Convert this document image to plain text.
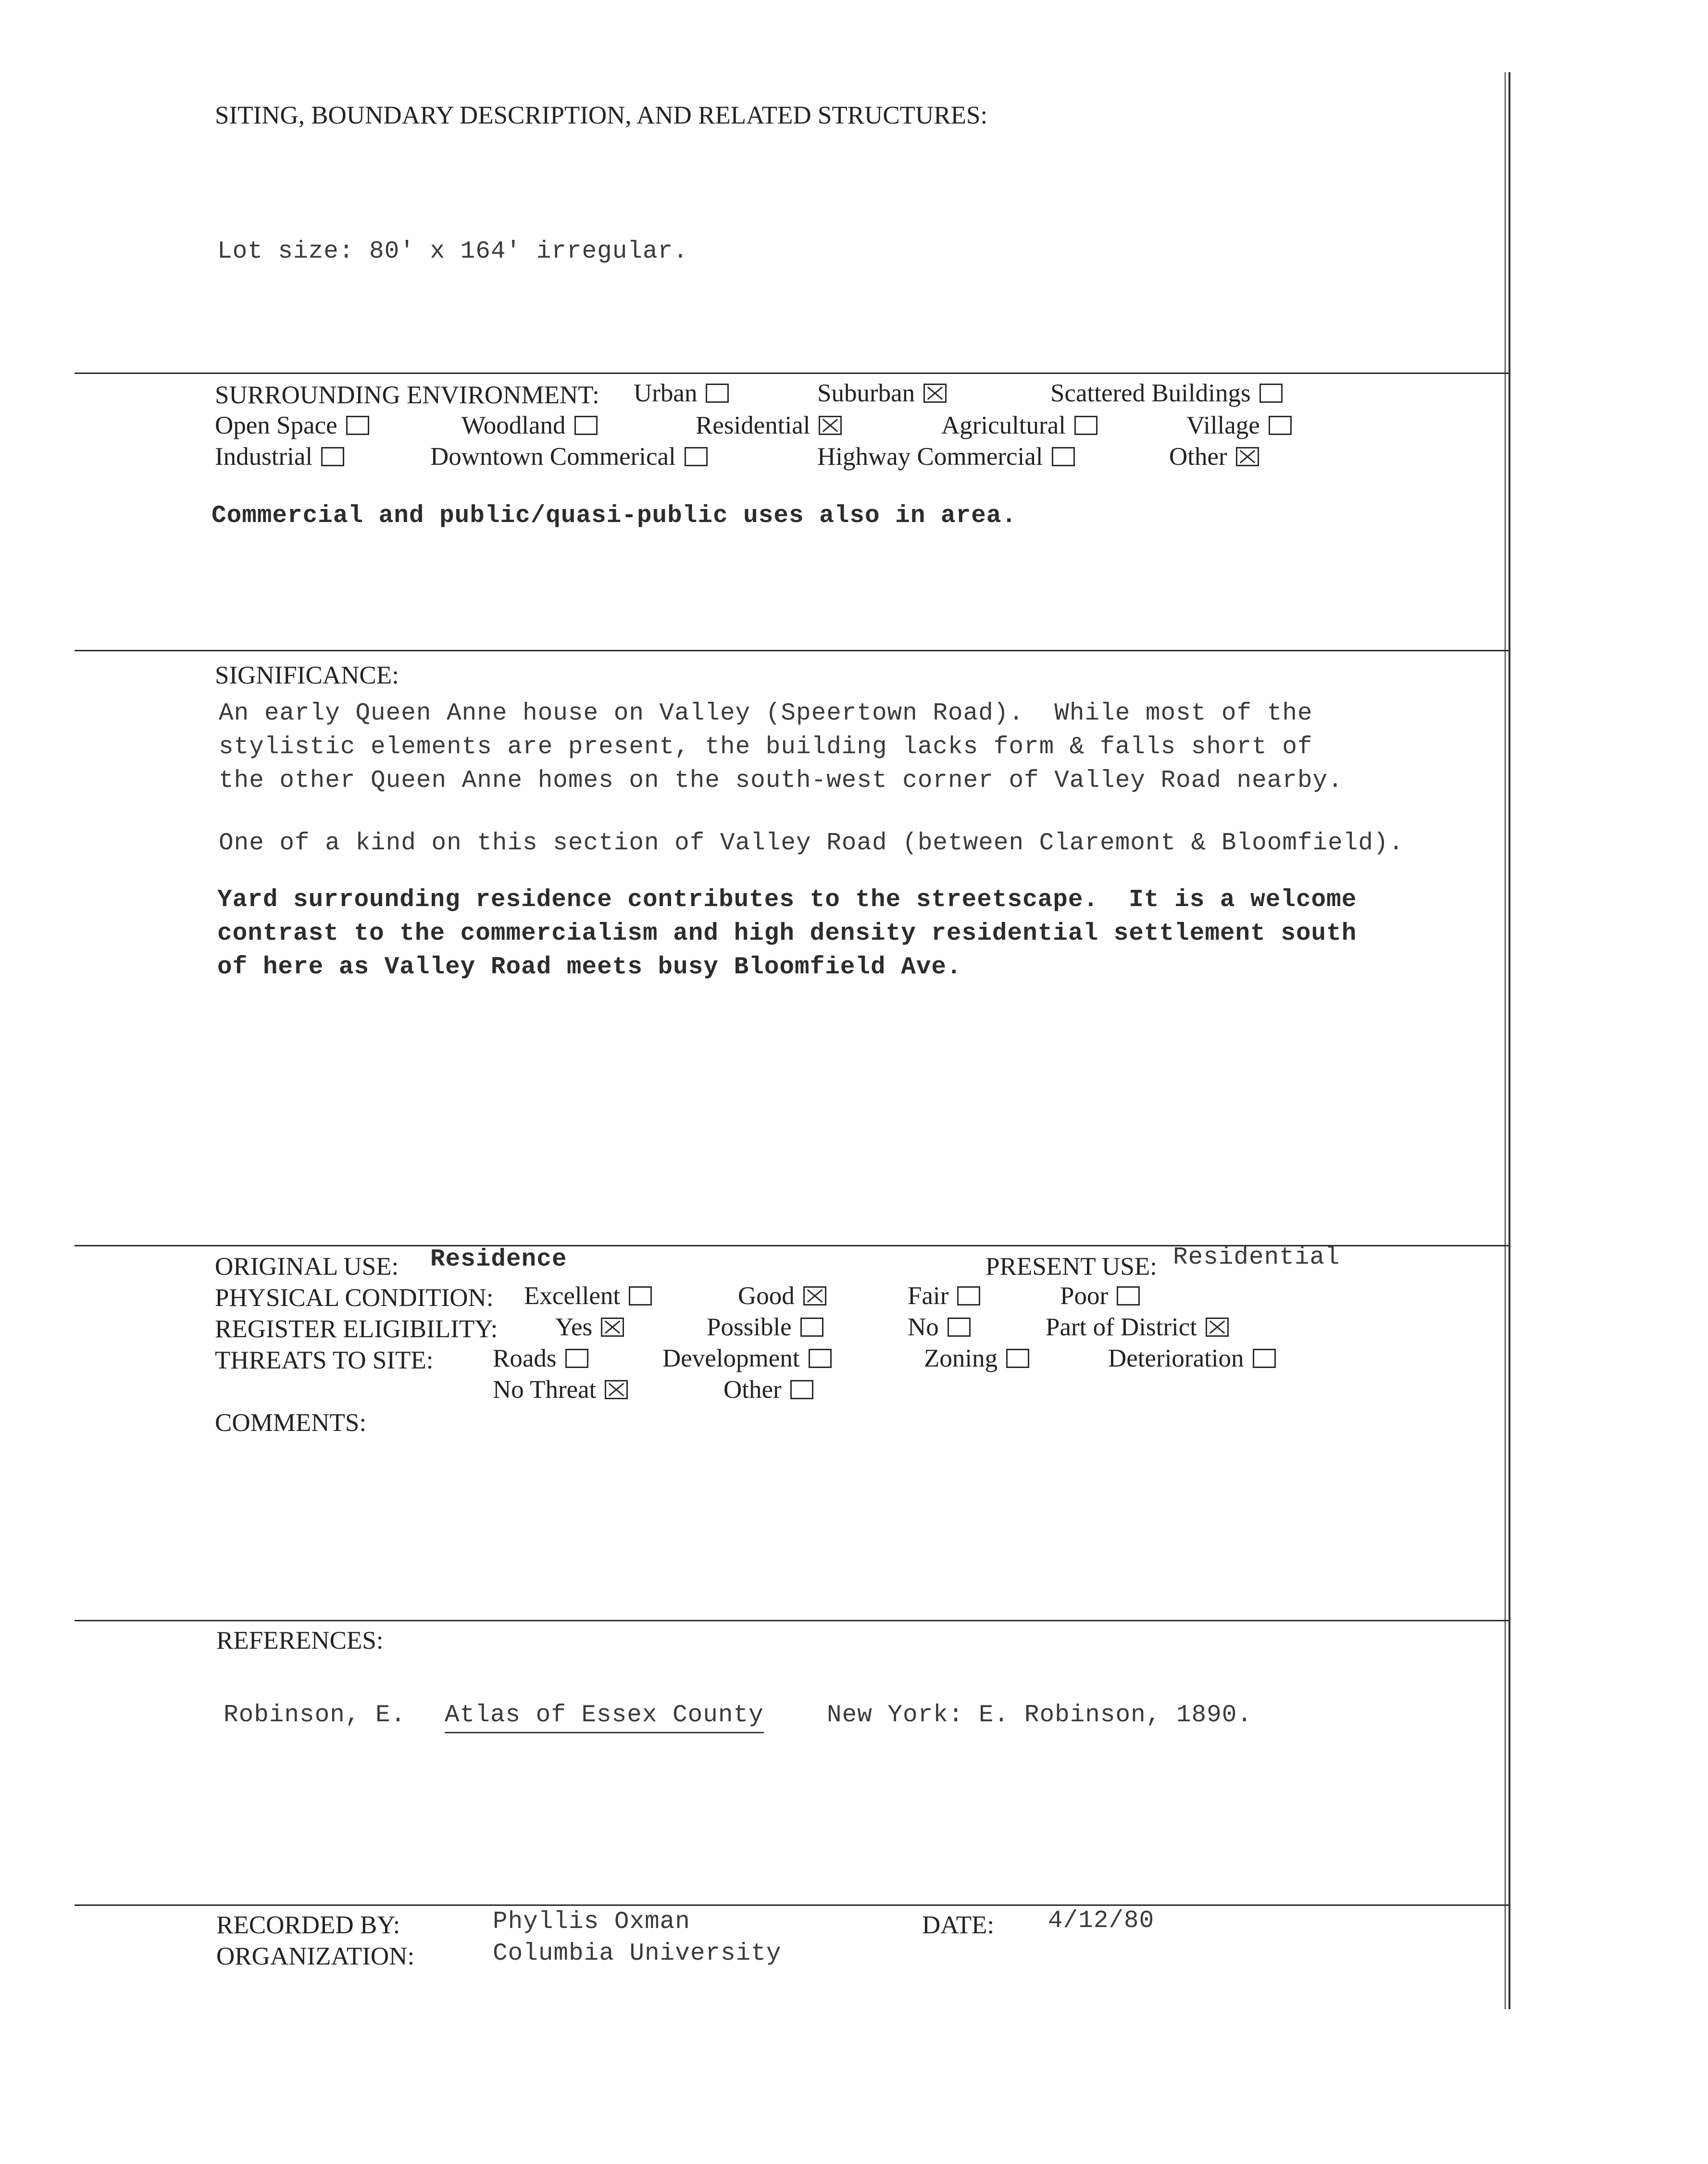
SITING, BOUNDARY DESCRIPTION, AND RELATED STRUCTURES:
Lot size: 80' x 164' irregular.
SURROUNDING ENVIRONMENT: Urban	Suburban	Scattered Buildings
Open Space	Woodland	Residential	Agricultural	Village
Industrial	Downtown Commerical	Highway Commercial	Other
Commercial and public/quasi-public uses also in area.
SIGNIFICANCE:
An early Queen Anne house on Valley (Speertown Road).  While most of the
stylistic elements are present, the building lacks form & falls short of
the other Queen Anne homes on the south-west corner of Valley Road nearby.
One of a kind on this section of Valley Road (between Claremont & Bloomfield).
Yard surrounding residence contributes to the streetscape.  It is a welcome
contrast to the commercialism and high density residential settlement south
of here as Valley Road meets busy Bloomfield Ave.
ORIGINAL USE: Residence	PRESENT USE: Residential
PHYSICAL CONDITION: Excellent	Good	Fair	Poor
REGISTER ELIGIBILITY: Yes	Possible	No	Part of District
THREATS TO SITE: Roads	Development	Zoning	Deterioration
No Threat	Other
COMMENTS:
REFERENCES:
Robinson, E. Atlas of Essex County	New York: E. Robinson, 1890.
RECORDED BY:	Phyllis Oxman	DATE: 4/12/80
ORGANIZATION:	Columbia University
